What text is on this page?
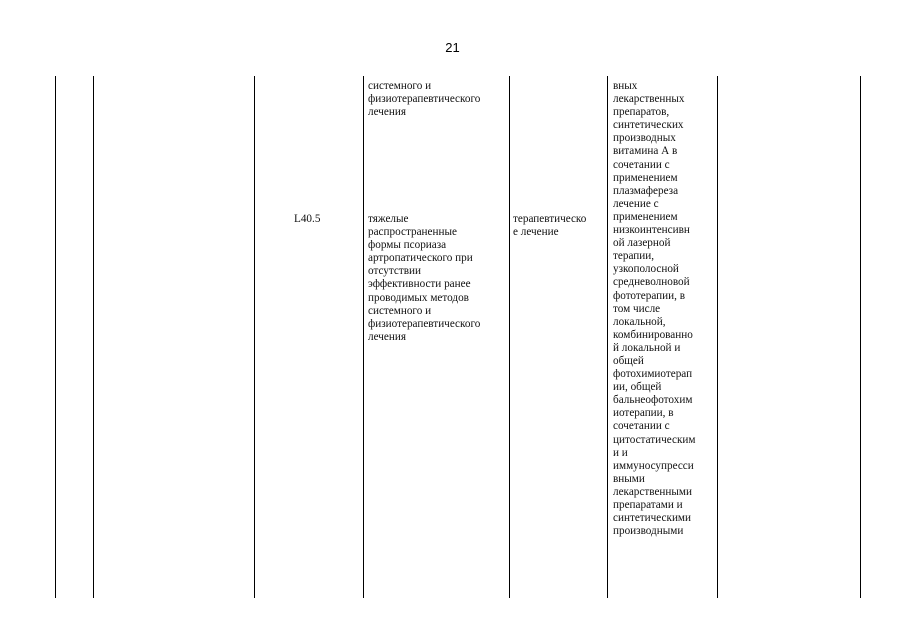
21
L40.5
системного и
физиотерапевтического
лечения
тяжелые
распространенные
формы псориаза
артропатического при
отсутствии
эффективности ранее
проводимых методов
системного и
физиотерапевтического
лечения
терапевтическо
е лечение
вных
лекарственных
препаратов,
синтетических
производных
витамина А в
сочетании с
применением
плазмафереза
лечение с
применением
низкоинтенсивн
ой лазерной
терапии,
узкополосной
средневолновой
фототерапии, в
том числе
локальной,
комбинированно
й локальной и
общей
фотохимиотерап
ии, общей
бальнеофотохим
иотерапии, в
сочетании с
цитостатическим
и и
иммуносупресси
вными
лекарственными
препаратами и
синтетическими
производными
